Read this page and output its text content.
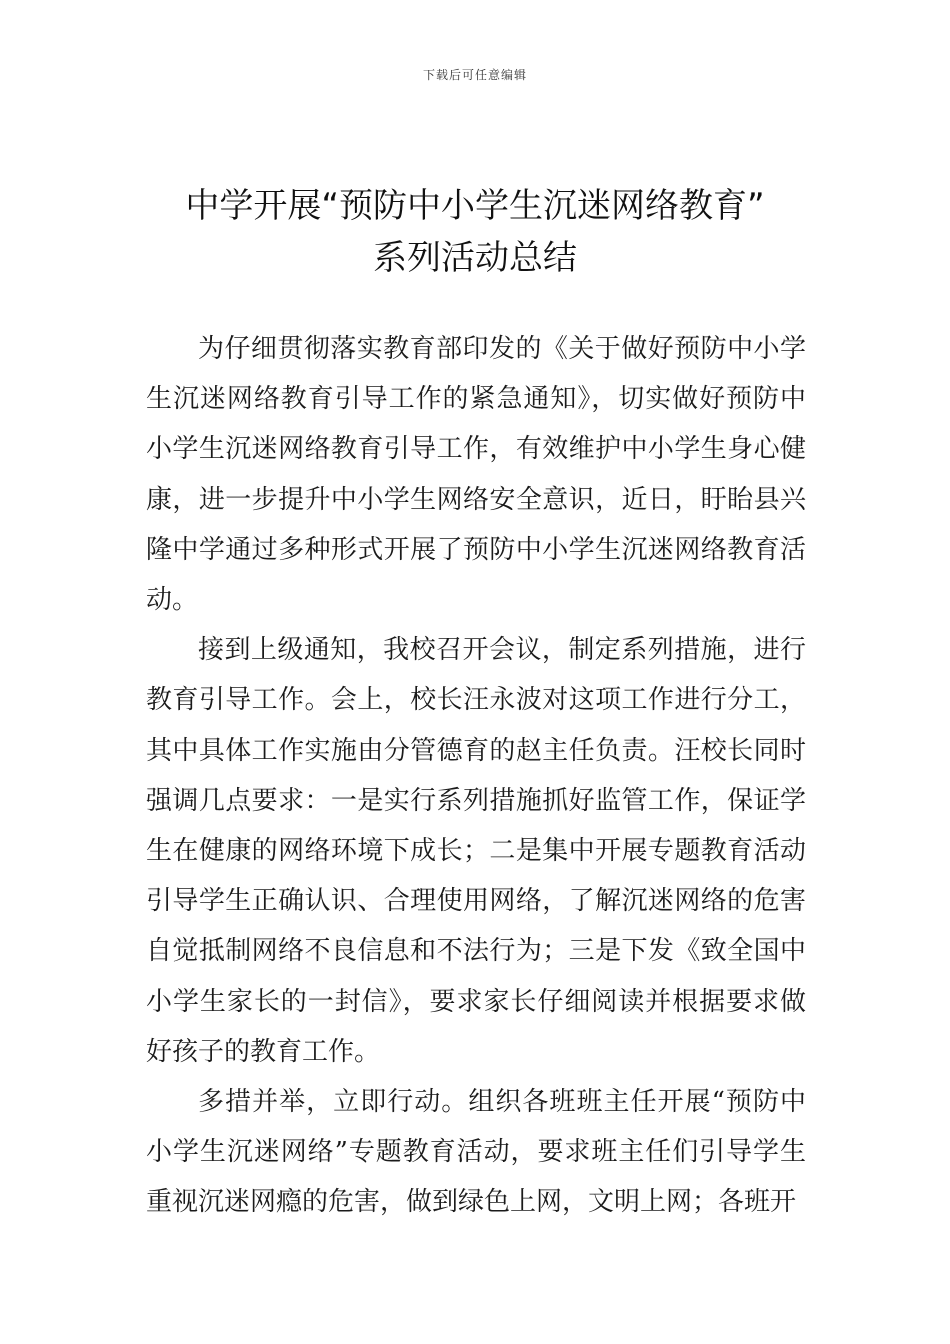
下载后可任意编辑
中学开展“预防中小学生沉迷网络教育”
系列活动总结

为仔细贯彻落实教育部印发的《关于做好预防中小学生沉迷网络教育引导工作的紧急通知》，切实做好预防中小学生沉迷网络教育引导工作，有效维护中小学生身心健康，进一步提升中小学生网络安全意识，近日，盱眙县兴隆中学通过多种形式开展了预防中小学生沉迷网络教育活动。

接到上级通知，我校召开会议，制定系列措施，进行教育引导工作。会上，校长汪永波对这项工作进行分工，其中具体工作实施由分管德育的赵主任负责。汪校长同时强调几点要求：一是实行系列措施抓好监管工作，保证学生在健康的网络环境下成长；二是集中开展专题教育活动引导学生正确认识、合理使用网络，了解沉迷网络的危害自觉抵制网络不良信息和不法行为；三是下发《致全国中小学生家长的一封信》，要求家长仔细阅读并根据要求做好孩子的教育工作。

多措并举，立即行动。组织各班班主任开展“预防中小学生沉迷网络”专题教育活动，要求班主任们引导学生重视沉迷网瘾的危害，做到绿色上网，文明上网；各班开
